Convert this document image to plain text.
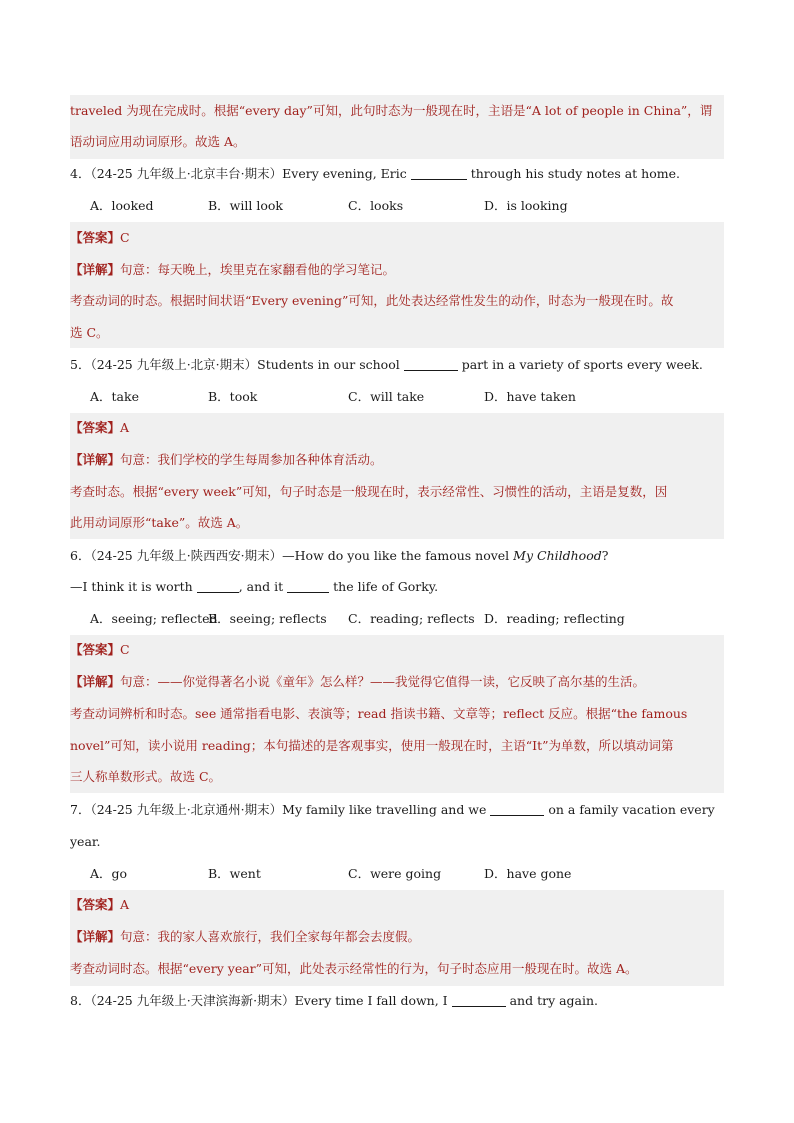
traveled 为现在完成时。根据“every day”可知，此句时态为一般现在时，主语是“A lot of people in China”，谓
语动词应用动词原形。故选 A。
4．（24-25 九年级上·北京丰台·期末）Every evening, Eric	through his study notes at home.
A．looked	B．will look	C．looks	D．is looking
【答案】C
【详解】句意：每天晚上，埃里克在家翻看他的学习笔记。
考查动词的时态。根据时间状语“Every evening”可知，此处表达经常性发生的动作，时态为一般现在时。故
选 C。
5．（24-25 九年级上·北京·期末）Students in our school	part in a variety of sports every week.
A．take	B．took	C．will take	D．have taken
【答案】A
【详解】句意：我们学校的学生每周参加各种体育活动。
考查时态。根据“every week”可知，句子时态是一般现在时，表示经常性、习惯性的活动，主语是复数，因
此用动词原形“take”。故选 A。
6．（24-25 九年级上·陕西西安·期末）—How do you like the famous novel My Childhood?
—I think it is worth	, and it	the life of Gorky.
A．seeing; reflected
B．seeing; reflects C．reading; reflects D．reading; reflecting
【答案】C
【详解】句意：——你觉得著名小说《童年》怎么样？——我觉得它值得一读，它反映了高尔基的生活。
考查动词辨析和时态。see 通常指看电影、表演等；read 指读书籍、文章等；reflect 反应。根据“the famous
novel”可知，读小说用 reading；本句描述的是客观事实，使用一般现在时，主语“It”为单数，所以填动词第
三人称单数形式。故选 C。
7．（24-25 九年级上·北京通州·期末）My family like travelling and we	on a family vacation every
year.
A．go	B．went	C．were going	D．have gone
【答案】A
【详解】句意：我的家人喜欢旅行，我们全家每年都会去度假。
考查动词时态。根据“every year”可知，此处表示经常性的行为，句子时态应用一般现在时。故选 A。
8．（24-25 九年级上·天津滨海新·期末）Every time I fall down, I	and try again.
